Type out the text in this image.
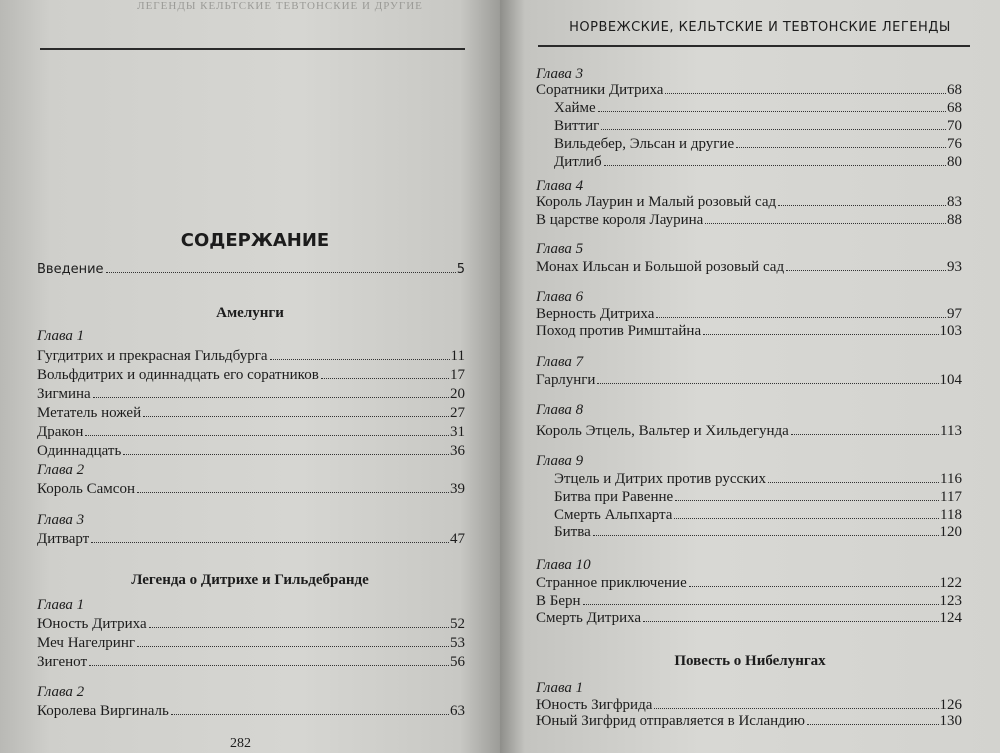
ЛЕГЕНДЫ КЕЛЬТСКИЕ ТЕВТОНСКИЕ И ДРУГИЕ
СОДЕРЖАНИЕ
Введение	5
Амелунги
Глава 1
Гугдитрих и прекрасная Гильдбурга	11
Вольфдитрих и одиннадцать его соратников	17
Зигмина	20
Метатель ножей	27
Дракон	31
Одиннадцать	36
Глава 2
Король Самсон	39
Глава 3
Дитварт	47
Легенда о Дитрихе и Гильдебранде
Глава 1
Юность Дитриха	52
Меч Нагелринг	53
Зигенот	56
Глава 2
Королева Виргиналь	63
282
НОРВЕЖСКИЕ, КЕЛЬТСКИЕ И ТЕВТОНСКИЕ ЛЕГЕНДЫ
Глава 3
Соратники Дитриха	68
Хайме	68
Виттиг	70
Вильдебер, Эльсан и другие	76
Дитлиб	80
Глава 4
Король Лаурин и Малый розовый сад	83
В царстве короля Лаурина	88
Глава 5
Монах Ильсан и Большой розовый сад	93
Глава 6
Верность Дитриха	97
Поход против Римштайна	103
Глава 7
Гарлунги	104
Глава 8
Король Этцель, Вальтер и Хильдегунда	113
Глава 9
Этцель и Дитрих против русских	116
Битва при Равенне	117
Смерть Альпхарта	118
Битва	120
Глава 10
Странное приключение	122
В Берн	123
Смерть Дитриха	124
Повесть о Нибелунгах
Глава 1
Юность Зигфрида	126
Юный Зигфрид отправляется в Исландию	130
